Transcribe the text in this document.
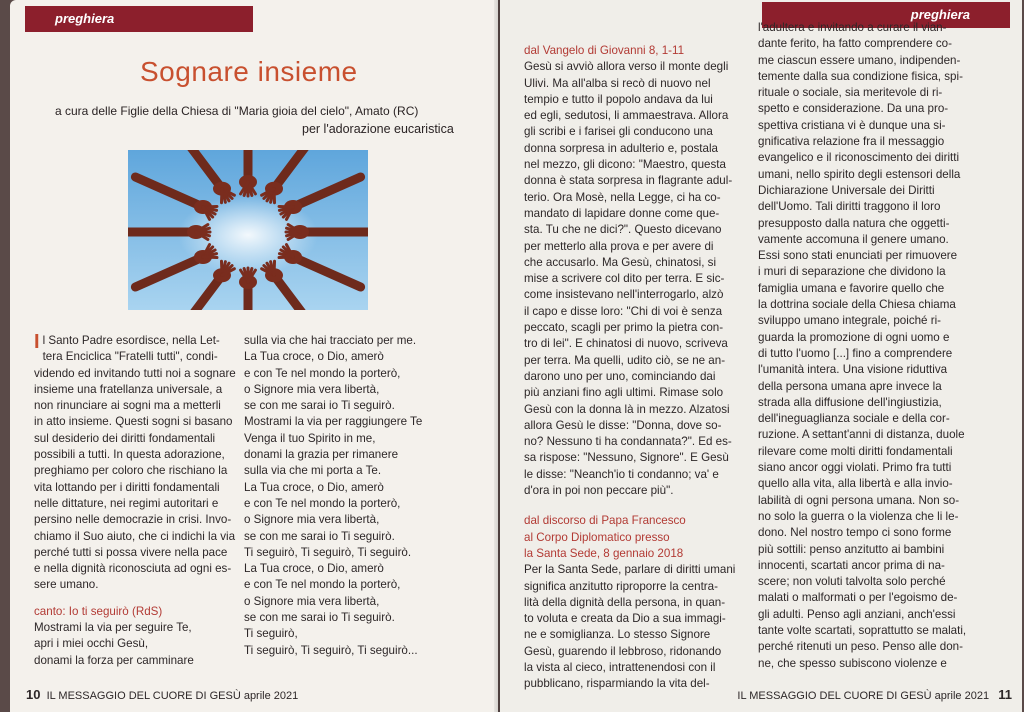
preghiera
Sognare insieme
a cura delle Figlie della Chiesa di "Maria gioia del cielo", Amato (RC)
per l'adorazione eucaristica
I l Santo Padre esordisce, nella Let-
tera Enciclica "Fratelli tutti", condi-
videndo ed invitando tutti noi a sognare
insieme una fratellanza universale, a
non rinunciare ai sogni ma a metterli
in atto insieme. Questi sogni si basano
sul desiderio dei diritti fondamentali
possibili a tutti. In questa adorazione,
preghiamo per coloro che rischiano la
vita lottando per i diritti fondamentali
nelle dittature, nei regimi autoritari e
persino nelle democrazie in crisi. Invo-
chiamo il Suo aiuto, che ci indichi la via
perché tutti si possa vivere nella pace
e nella dignità riconosciuta ad ogni es-
sere umano.
canto: Io ti seguirò (RdS)
Mostrami la via per seguire Te,
apri i miei occhi Gesù,
donami la forza per camminare
sulla via che hai tracciato per me.
La Tua croce, o Dio, amerò
e con Te nel mondo la porterò,
o Signore mia vera libertà,
se con me sarai io Ti seguirò.
Mostrami la via per raggiungere Te
Venga il tuo Spirito in me,
donami la grazia per rimanere
sulla via che mi porta a Te.
La Tua croce, o Dio, amerò
e con Te nel mondo la porterò,
o Signore mia vera libertà,
se con me sarai io Ti seguirò.
Ti seguirò, Ti seguirò, Ti seguirò.
La Tua croce, o Dio, amerò
e con Te nel mondo la porterò,
o Signore mia vera libertà,
se con me sarai io Ti seguirò.
Ti seguirò,
Ti seguirò, Ti seguirò, Ti seguirò...
10 IL MESSAGGIO DEL CUORE DI GESÙ aprile 2021
preghiera
dal Vangelo di Giovanni 8, 1-11
Gesù si avviò allora verso il monte degli
Ulivi. Ma all'alba si recò di nuovo nel
tempio e tutto il popolo andava da lui
ed egli, sedutosi, li ammaestrava. Allora
gli scribi e i farisei gli conducono una
donna sorpresa in adulterio e, postala
nel mezzo, gli dicono: "Maestro, questa
donna è stata sorpresa in flagrante adul-
terio. Ora Mosè, nella Legge, ci ha co-
mandato di lapidare donne come que-
sta. Tu che ne dici?". Questo dicevano
per metterlo alla prova e per avere di
che accusarlo. Ma Gesù, chinatosi, si
mise a scrivere col dito per terra. E sic-
come insistevano nell'interrogarlo, alzò
il capo e disse loro: "Chi di voi è senza
peccato, scagli per primo la pietra con-
tro di lei". E chinatosi di nuovo, scriveva
per terra. Ma quelli, udito ciò, se ne an-
darono uno per uno, cominciando dai
più anziani fino agli ultimi. Rimase solo
Gesù con la donna là in mezzo. Alzatosi
allora Gesù le disse: "Donna, dove so-
no? Nessuno ti ha condannata?". Ed es-
sa rispose: "Nessuno, Signore". E Gesù
le disse: "Neanch'io ti condanno; va' e
d'ora in poi non peccare più".
dal discorso di Papa Francesco
al Corpo Diplomatico presso
la Santa Sede, 8 gennaio 2018
Per la Santa Sede, parlare di diritti umani
significa anzitutto riproporre la centra-
lità della dignità della persona, in quan-
to voluta e creata da Dio a sua immagi-
ne e somiglianza. Lo stesso Signore
Gesù, guarendo il lebbroso, ridonando
la vista al cieco, intrattenendosi con il
pubblicano, risparmiando la vita del-
l'adultera e invitando a curare il vian-
dante ferito, ha fatto comprendere co-
me ciascun essere umano, indipenden-
temente dalla sua condizione fisica, spi-
rituale o sociale, sia meritevole di ri-
spetto e considerazione. Da una pro-
spettiva cristiana vi è dunque una si-
gnificativa relazione fra il messaggio
evangelico e il riconoscimento dei diritti
umani, nello spirito degli estensori della
Dichiarazione Universale dei Diritti
dell'Uomo. Tali diritti traggono il loro
presupposto dalla natura che oggetti-
vamente accomuna il genere umano.
Essi sono stati enunciati per rimuovere
i muri di separazione che dividono la
famiglia umana e favorire quello che
la dottrina sociale della Chiesa chiama
sviluppo umano integrale, poiché ri-
guarda la promozione di ogni uomo e
di tutto l'uomo [...] fino a comprendere
l'umanità intera. Una visione riduttiva
della persona umana apre invece la
strada alla diffusione dell'ingiustizia,
dell'ineguaglianza sociale e della cor-
ruzione. A settant'anni di distanza, duole
rilevare come molti diritti fondamentali
siano ancor oggi violati. Primo fra tutti
quello alla vita, alla libertà e alla invio-
labilità di ogni persona umana. Non so-
no solo la guerra o la violenza che li le-
dono. Nel nostro tempo ci sono forme
più sottili: penso anzitutto ai bambini
innocenti, scartati ancor prima di na-
scere; non voluti talvolta solo perché
malati o malformati o per l'egoismo de-
gli adulti. Penso agli anziani, anch'essi
tante volte scartati, soprattutto se malati,
perché ritenuti un peso. Penso alle don-
ne, che spesso subiscono violenze e
IL MESSAGGIO DEL CUORE DI GESÙ aprile 2021 11
